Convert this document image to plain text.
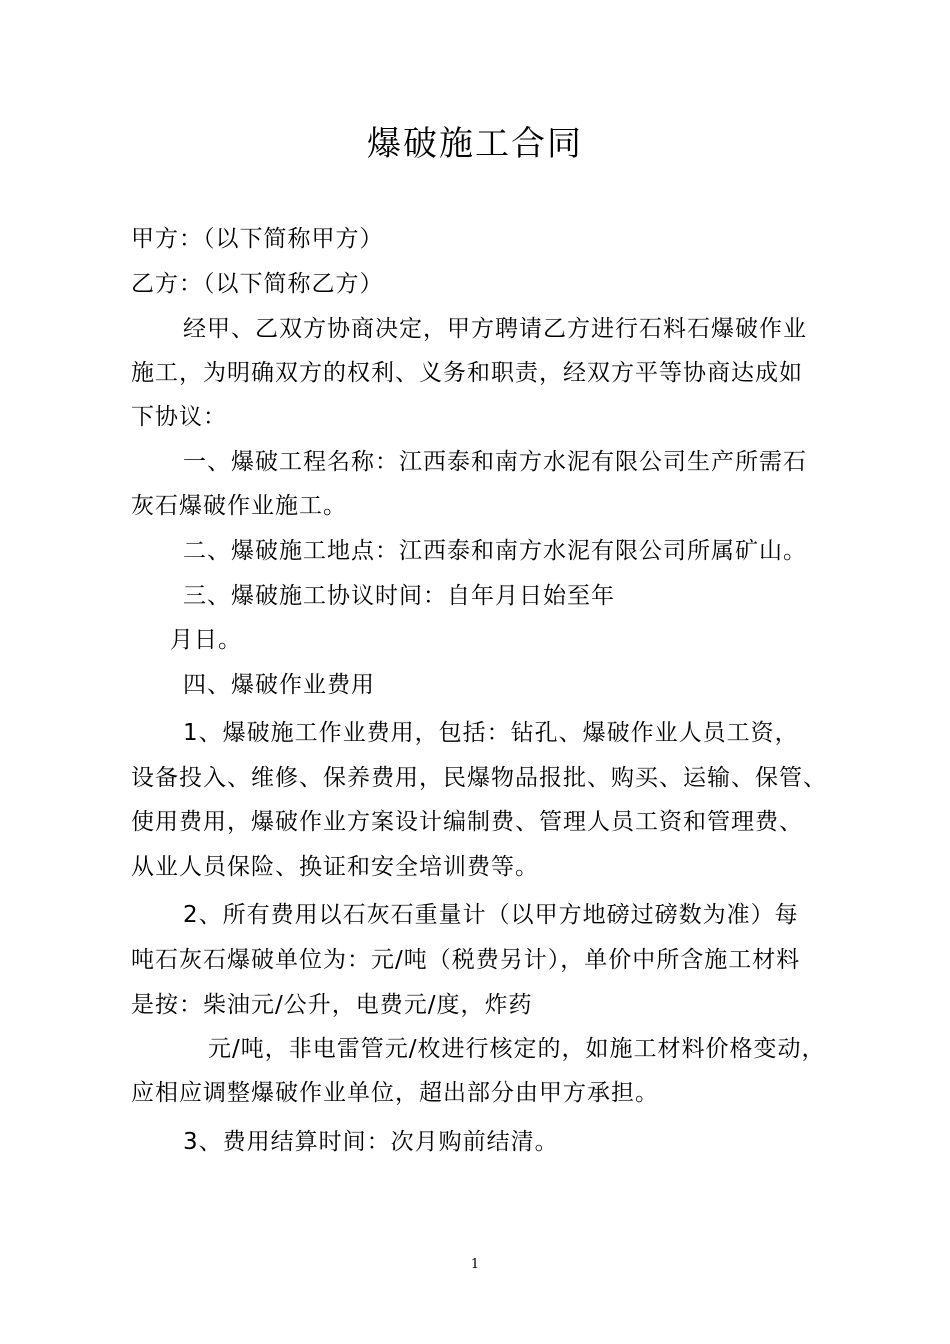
爆破施工合同
甲方：（以下简称甲方）
乙方：（以下简称乙方）
经甲、乙双方协商决定，甲方聘请乙方进行石料石爆破作业
施工，为明确双方的权利、义务和职责，经双方平等协商达成如
下协议：
一、爆破工程名称：江西泰和南方水泥有限公司生产所需石
灰石爆破作业施工。
二、爆破施工地点：江西泰和南方水泥有限公司所属矿山。
三、爆破施工协议时间：自年月日始至年
月日。
四、爆破作业费用
1、爆破施工作业费用，包括：钻孔、爆破作业人员工资，
设备投入、维修、保养费用，民爆物品报批、购买、运输、保管、
使用费用，爆破作业方案设计编制费、管理人员工资和管理费、
从业人员保险、换证和安全培训费等。
2、所有费用以石灰石重量计（以甲方地磅过磅数为准）每
吨石灰石爆破单位为：元/吨（税费另计），单价中所含施工材料
是按：柴油元/公升，电费元/度，炸药
元/吨，非电雷管元/枚进行核定的，如施工材料价格变动，
应相应调整爆破作业单位，超出部分由甲方承担。
3、费用结算时间：次月购前结清。
1
